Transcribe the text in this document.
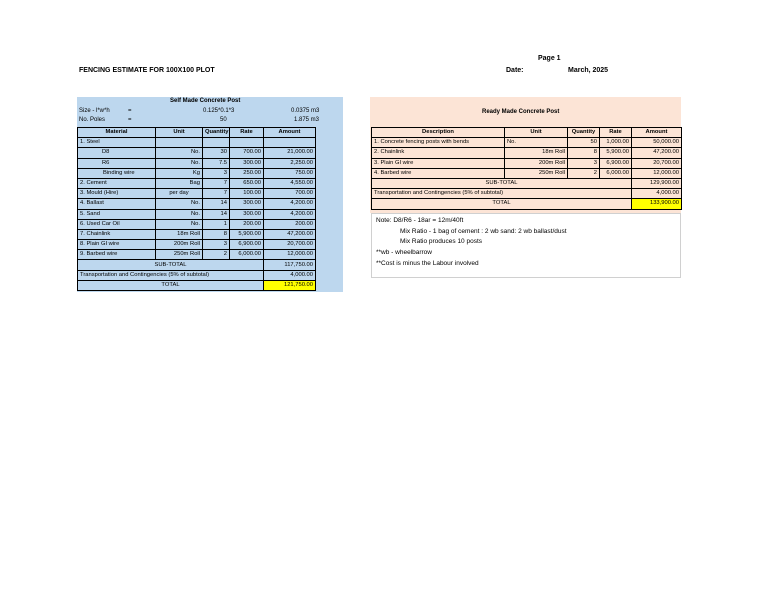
FENCING ESTIMATE FOR 100X100 PLOT
Page 1
Date:	March, 2025
Self Made Concrete Post
Size - l*w*h	=	0.125*0.1*3	0.0375 m3
No. Poles	=	50	1.875 m3
Material	Unit	Quantity	Rate	Amount
1. Steel				
D8	No.	30	700.00	21,000.00
R6	No.	7.5	300.00	2,250.00
Binding wire	Kg	3	250.00	750.00
2. Cement	Bag	7	650.00	4,550.00
3. Mould (Hire)	per day	7	100.00	700.00
4. Ballast	No.	14	300.00	4,200.00
5. Sand	No.	14	300.00	4,200.00
6. Used Car Oil	No.	1	200.00	200.00
7. Chainlink	18m Roll	8	5,900.00	47,200.00
8. Plain GI wire	200m Roll	3	6,900.00	20,700.00
9. Barbed wire	250m Roll	2	6,000.00	12,000.00
SUB-TOTAL				117,750.00
Transportation and Contingencies (5% of subtotal)				4,000.00
TOTAL				121,750.00
Ready Made Concrete Post
Description	Unit	Quantity	Rate	Amount
1. Concrete fencing posts with bends	No.	50	1,000.00	50,000.00
2. Chainlink	18m Roll	8	5,900.00	47,200.00
3. Plain GI wire	200m Roll	3	6,900.00	20,700.00
4. Barbed wire	250m Roll	2	6,000.00	12,000.00
SUB-TOTAL				129,900.00
Transportation and Contingencies (5% of subtotal)				4,000.00
TOTAL				133,900.00
Note: D8/R6 - 18ar = 12m/40ft
Mix Ratio - 1 bag of cement : 2 wb sand: 2 wb ballast/dust
Mix Ratio produces 10 posts
**wb - wheelbarrow
**Cost is minus the Labour involved
